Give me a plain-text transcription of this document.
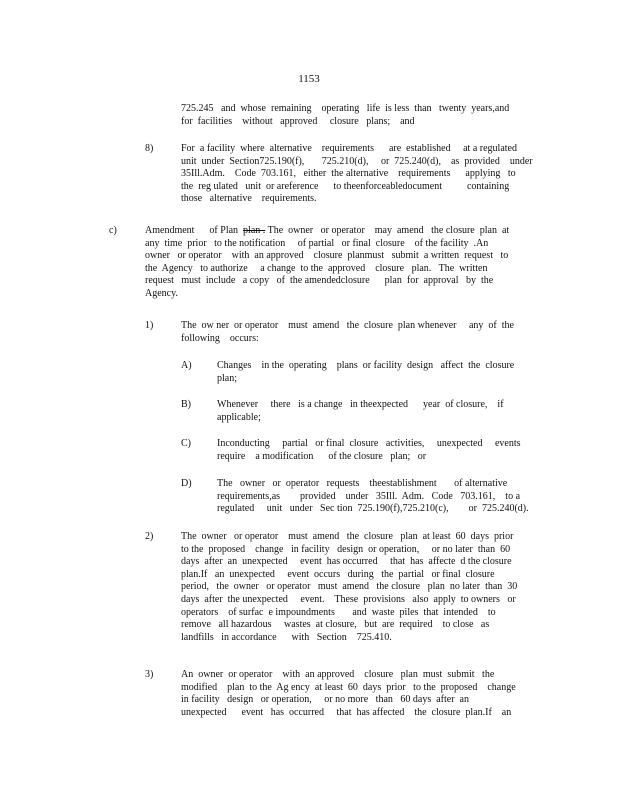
1153
725.245   and  whose  remaining    operating   life  is less  than   twenty  years,and
for  facilities    without   approved     closure   plans;    and
8)	For  a facility  where  alternative    requirements      are  established     at a regulated
unit  under  Section725.190(f),       725.210(d),     or  725.240(d),    as  provided    under
35Ill.Adm.    Code  703.161,   either  the alternative    requirements      applying   to
the  reg ulated   unit  or areference      to theenforceabledocument          containing
those   alternative    requirements.
c)	Amendment      of Plan  plan . The  owner   or operator    may  amend   the closure  plan  at
any  time  prior   to the notification     of partial   or final  closure    of the facility  .An
owner   or operator    with  an approved    closure  planmust   submit  a written  request   to
the  Agency   to authorize     a change  to the  approved    closure   plan.   The  written
request   must  include   a copy   of  the amendedclosure      plan  for  approval   by  the
Agency.
1)	The  ow ner  or operator    must  amend   the  closure  plan whenever     any  of  the
following    occurs:
A)	Changes    in the  operating    plans  or facility  design   affect  the  closure
plan;
B)	Whenever     there   is a change   in theexpected      year  of closure,    if
applicable;
C)	Inconducting     partial   or final  closure   activities,     unexpected     events
require    a modification      of the closure   plan;   or
D)	The   owner   or  operator   requests    theestablishment       of alternative
requirements,as        provided    under   35Ill.  Adm.   Code   703.161,    to a
regulated     unit   under   Sec tion  725.190(f),725.210(c),        or  725.240(d).
2)	The  owner   or operator    must  amend   the  closure   plan  at least  60  days  prior
to the  proposed    change   in facility   design  or operation,     or no later  than  60
days  after  an  unexpected     event  has occurred     that  has  affecte  d the closure
plan.If   an  unexpected     event  occurs   during   the  partial   or final  closure
period,   the  owner   or operator   must  amend   the closure   plan  no later  than  30
days  after  the unexpected     event.    These  provisions   also  apply  to owners   or
operators    of surfac  e impoundments       and  waste  piles  that  intended    to
remove   all hazardous     wastes  at closure,   but  are  required    to close   as
landfills   in accordance      with   Section    725.410.
3)	An  owner  or operator    with  an approved    closure   plan  must  submit   the
modified    plan  to the  Ag ency  at least  60  days  prior   to the  proposed    change
in facility   design   or operation,     or no more   than   60 days  after  an
unexpected      event   has  occurred     that  has affected    the  closure  plan.If    an
